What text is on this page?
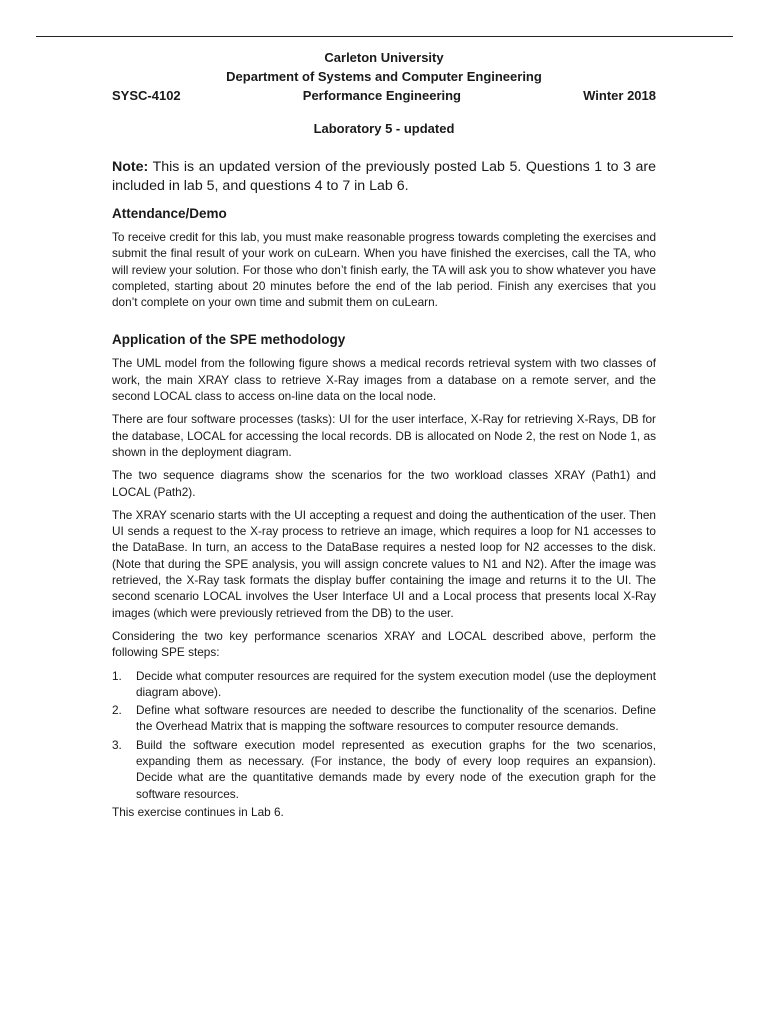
Carleton University
Department of Systems and Computer Engineering
SYSC-4102	Performance Engineering	Winter 2018
Laboratory 5 - updated
Note: This is an updated version of the previously posted Lab 5. Questions 1 to 3 are included in lab 5, and questions 4 to 7 in Lab 6.
Attendance/Demo

To receive credit for this lab, you must make reasonable progress towards completing the exercises and submit the final result of your work on cuLearn. When you have finished the exercises, call the TA, who will review your solution. For those who don’t finish early, the TA will ask you to show whatever you have completed, starting about 20 minutes before the end of the lab period. Finish any exercises that you don’t complete on your own time and submit them on cuLearn.

Application of the SPE methodology

The UML model from the following figure shows a medical records retrieval system with two classes of work, the main XRAY class to retrieve X-Ray images from a database on a remote server, and the second LOCAL class to access on-line data on the local node.

There are four software processes (tasks): UI for the user interface, X-Ray for retrieving X-Rays, DB for the database, LOCAL for accessing the local records. DB is allocated on Node 2, the rest on Node 1, as shown in the deployment diagram.

The two sequence diagrams show the scenarios for the two workload classes XRAY (Path1) and LOCAL (Path2).

The XRAY scenario starts with the UI accepting a request and doing the authentication of the user. Then UI sends a request to the X-ray process to retrieve an image, which requires a loop for N1 accesses to the DataBase. In turn, an access to the DataBase requires a nested loop for N2 accesses to the disk. (Note that during the SPE analysis, you will assign concrete values to N1 and N2). After the image was retrieved, the X-Ray task formats the display buffer containing the image and returns it to the UI. The second scenario LOCAL involves the User Interface UI and a Local process that presents local X-Ray images (which were previously retrieved from the DB) to the user.

Considering the two key performance scenarios XRAY and LOCAL described above, perform the following SPE steps:

1. Decide what computer resources are required for the system execution model (use the deployment diagram above).
2. Define what software resources are needed to describe the functionality of the scenarios. Define the Overhead Matrix that is mapping the software resources to computer resource demands.
3. Build the software execution model represented as execution graphs for the two scenarios, expanding them as necessary. (For instance, the body of every loop requires an expansion). Decide what are the quantitative demands made by every node of the execution graph for the software resources.
This exercise continues in Lab 6.
